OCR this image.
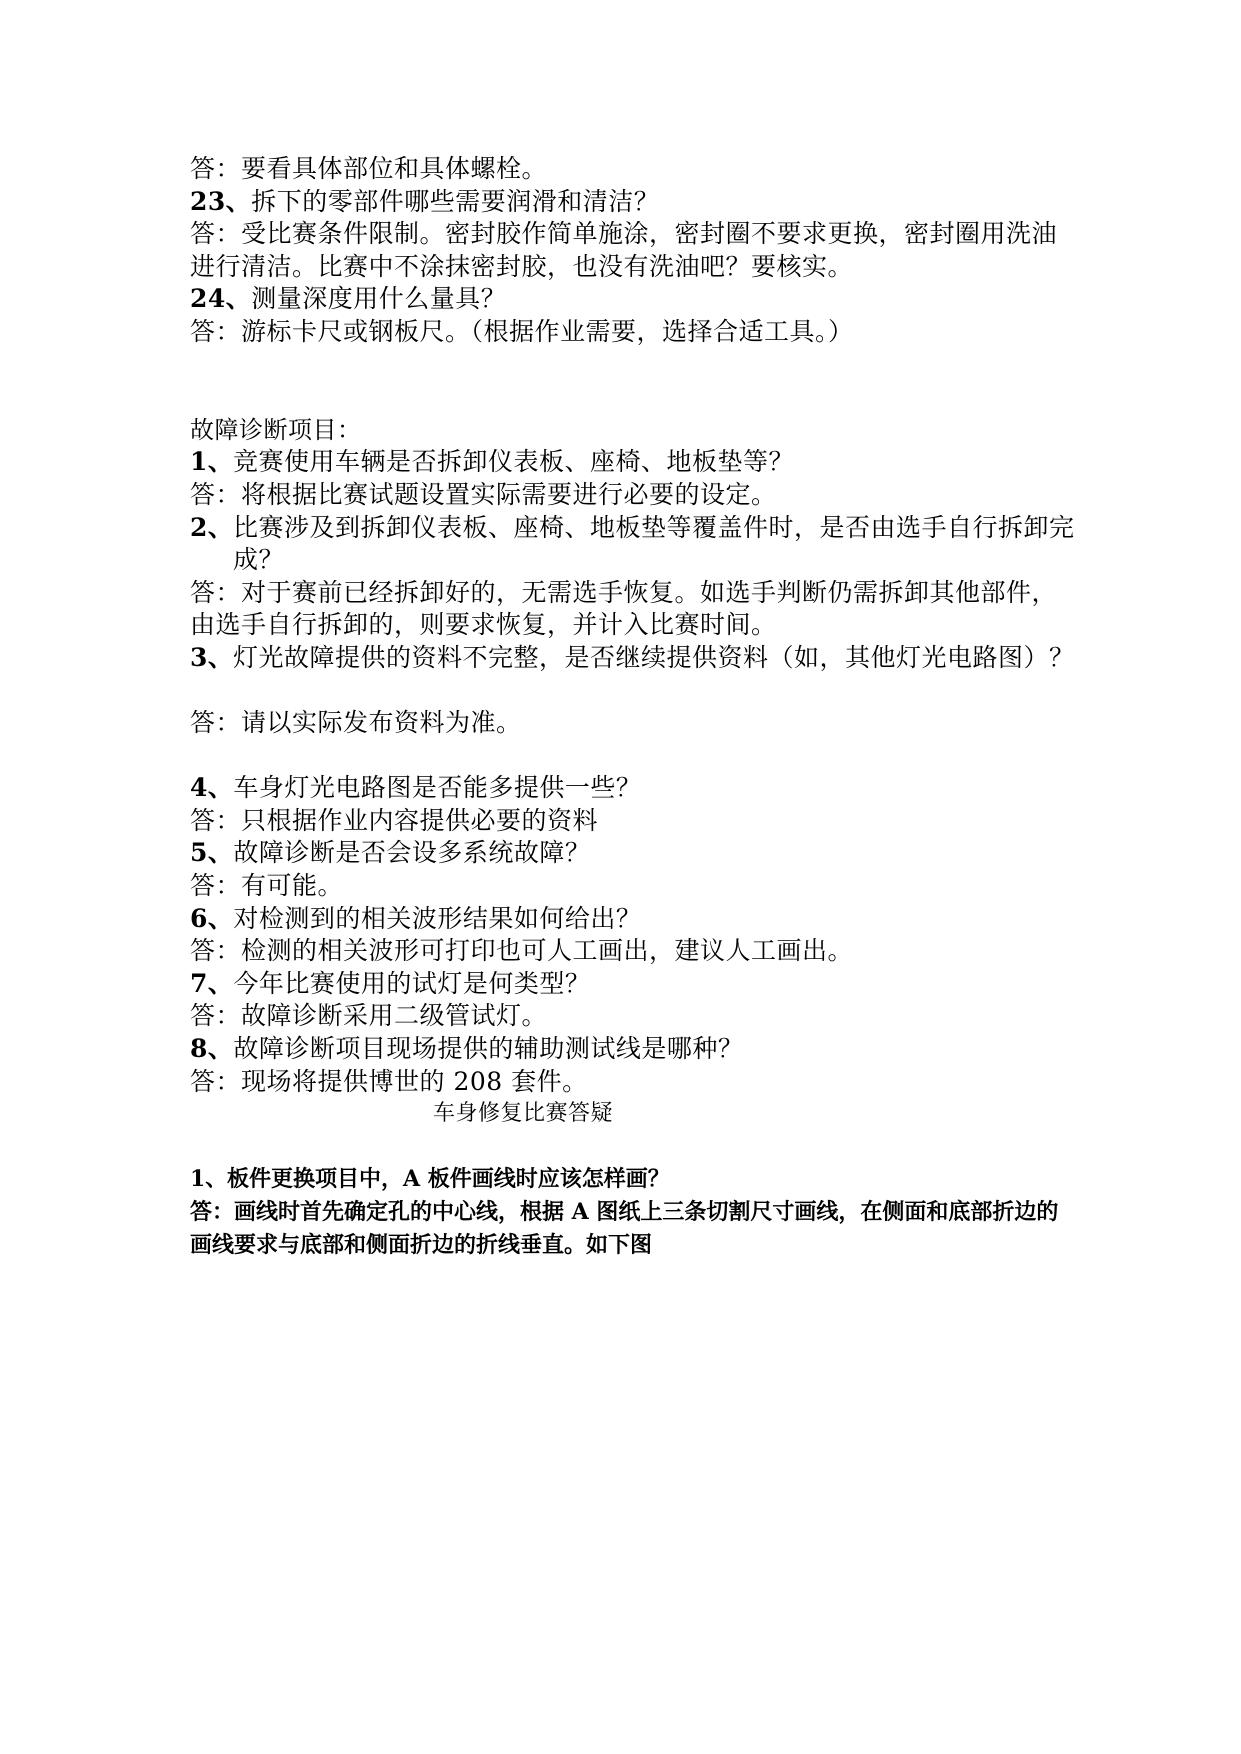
答：要看具体部位和具体螺栓。
23、 拆下的零部件哪些需要润滑和清洁？
答：受比赛条件限制。密封胶作简单施涂，密封圈不要求更换，密封圈用洗油
进行清洁。比赛中不涂抹密封胶，也没有洗油吧？要核实。
24、 测量深度用什么量具？
答：游标卡尺或钢板尺。（根据作业需要，选择合适工具。）
故障诊断项目：
1、 竞赛使用车辆是否拆卸仪表板、座椅、地板垫等？
答：将根据比赛试题设置实际需要进行必要的设定。
2、 比赛涉及到拆卸仪表板、座椅、地板垫等覆盖件时，是否由选手自行拆卸完
成？
答：对于赛前已经拆卸好的，无需选手恢复。如选手判断仍需拆卸其他部件，
由选手自行拆卸的，则要求恢复，并计入比赛时间。
3、 灯光故障提供的资料不完整，是否继续提供资料（如，其他灯光电路图）？
答：请以实际发布资料为准。
4、 车身灯光电路图是否能多提供一些？
答：只根据作业内容提供必要的资料
5、 故障诊断是否会设多系统故障？
答：有可能。
6、 对检测到的相关波形结果如何给出？
答：检测的相关波形可打印也可人工画出，建议人工画出。
7、 今年比赛使用的试灯是何类型？
答：故障诊断采用二级管试灯。
8、 故障诊断项目现场提供的辅助测试线是哪种？
答：现场将提供博世的 208 套件。
车身修复比赛答疑
1、 板件更换项目中，A 板件画线时应该怎样画？
答：画线时首先确定孔的中心线，根据 A 图纸上三条切割尺寸画线，在侧面和底部折边的
画线要求与底部和侧面折边的折线垂直。如下图
